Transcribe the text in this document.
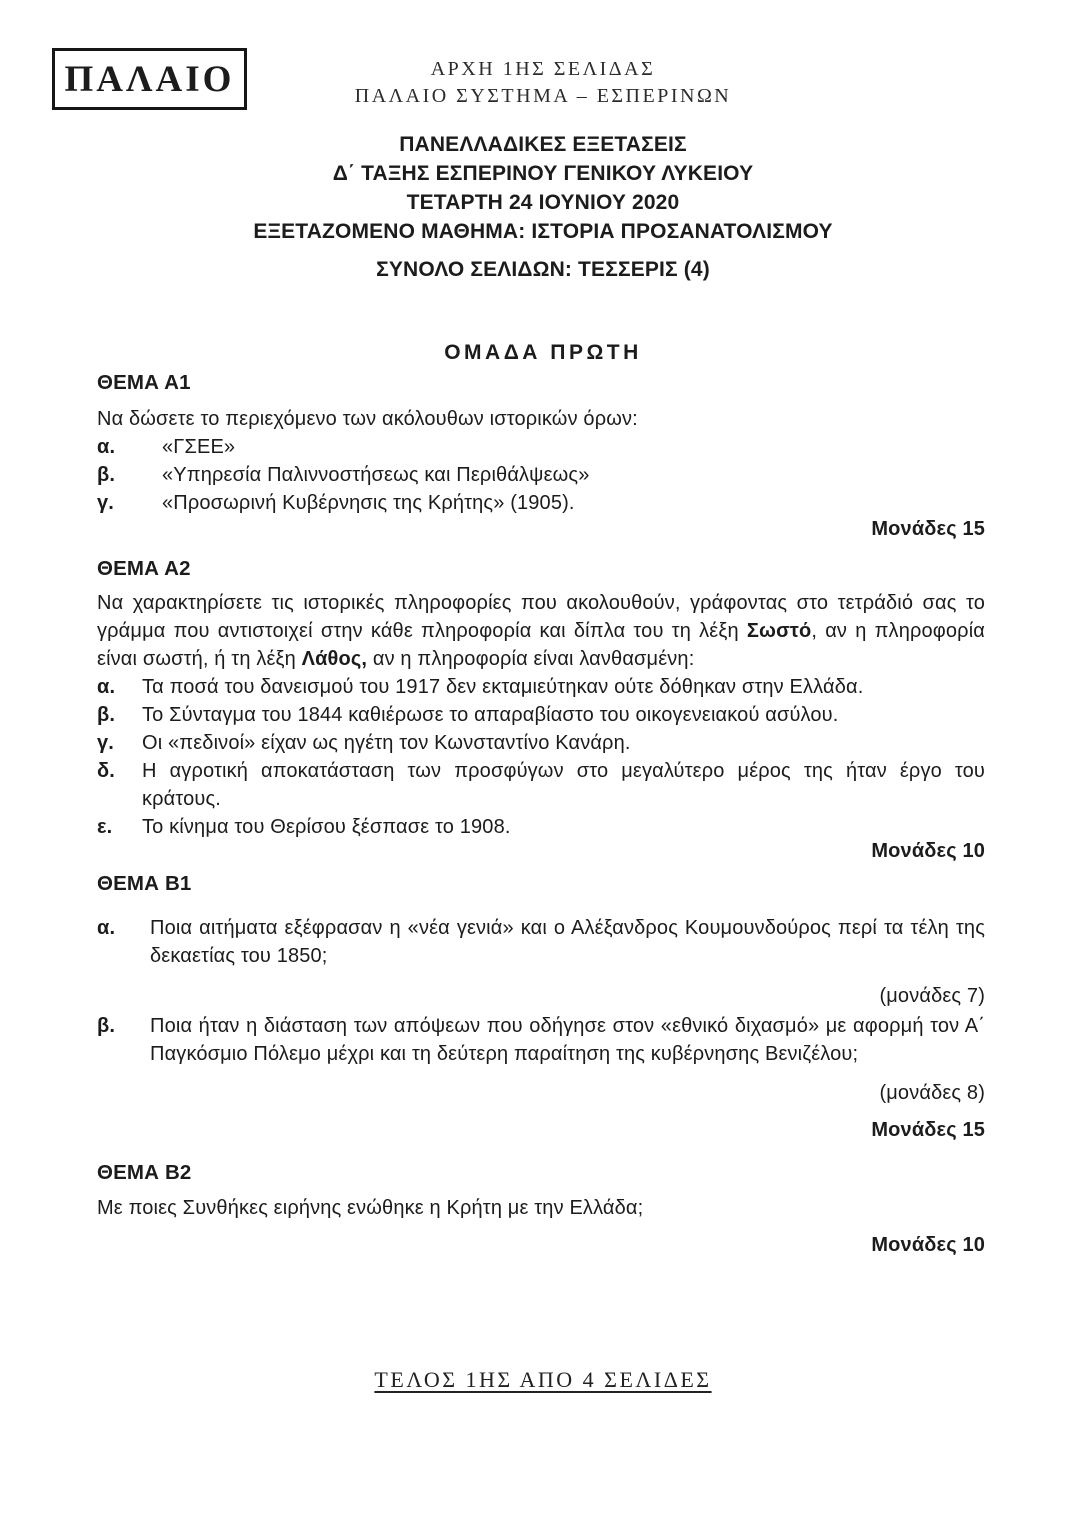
ΠΑΛΑΙΟ	ΑΡΧΗ 1ΗΣ ΣΕΛΙΔΑΣ
ΠΑΛΑΙΟ ΣΥΣΤΗΜΑ – ΕΣΠΕΡΙΝΩΝ
ΠΑΝΕΛΛΑΔΙΚΕΣ ΕΞΕΤΑΣΕΙΣ
Δ΄ ΤΑΞΗΣ ΕΣΠΕΡΙΝΟΥ ΓΕΝΙΚΟΥ ΛΥΚΕΙΟΥ
ΤΕΤΑΡΤΗ 24 ΙΟΥΝΙΟΥ 2020
ΕΞΕΤΑΖΟΜΕΝΟ ΜΑΘΗΜΑ: ΙΣΤΟΡΙΑ ΠΡΟΣΑΝΑΤΟΛΙΣΜΟΥ
ΣΥΝΟΛΟ ΣΕΛΙΔΩΝ: ΤΕΣΣΕΡΙΣ (4)
ΟΜΑΔΑ ΠΡΩΤΗ
ΘΕΜΑ Α1
Να δώσετε το περιεχόμενο των ακόλουθων ιστορικών όρων:
α.	«ΓΣΕΕ»
β.	«Υπηρεσία Παλιννοστήσεως και Περιθάλψεως»
γ.	«Προσωρινή Κυβέρνησις της Κρήτης» (1905).
Μονάδες 15
ΘΕΜΑ Α2
Να χαρακτηρίσετε τις ιστορικές πληροφορίες που ακολουθούν, γράφοντας στο τετράδιό σας το γράμμα που αντιστοιχεί στην κάθε πληροφορία και δίπλα του τη λέξη Σωστό, αν η πληροφορία είναι σωστή, ή τη λέξη Λάθος, αν η πληροφορία είναι λανθασμένη:
α.	Τα ποσά του δανεισμού του 1917 δεν εκταμιεύτηκαν ούτε δόθηκαν στην Ελλάδα.
β.	Το Σύνταγμα του 1844 καθιέρωσε το απαραβίαστο του οικογενειακού ασύλου.
γ.	Οι «πεδινοί» είχαν ως ηγέτη τον Κωνσταντίνο Κανάρη.
δ.	Η αγροτική αποκατάσταση των προσφύγων στο μεγαλύτερο μέρος της ήταν έργο του κράτους.
ε.	Το κίνημα του Θερίσου ξέσπασε το 1908.
Μονάδες 10
ΘΕΜΑ Β1
α.	Ποια αιτήματα εξέφρασαν η «νέα γενιά» και ο Αλέξανδρος Κουμουνδούρος περί τα τέλη της δεκαετίας του 1850;
(μονάδες 7)
β.	Ποια ήταν η διάσταση των απόψεων που οδήγησε στον «εθνικό διχασμό» με αφορμή τον Α΄ Παγκόσμιο Πόλεμο μέχρι και τη δεύτερη παραίτηση της κυβέρνησης Βενιζέλου;
(μονάδες 8)
Μονάδες 15
ΘΕΜΑ Β2
Με ποιες Συνθήκες ειρήνης ενώθηκε η Κρήτη με την Ελλάδα;
Μονάδες 10
ΤΕΛΟΣ 1ΗΣ ΑΠΟ 4 ΣΕΛΙΔΕΣ
